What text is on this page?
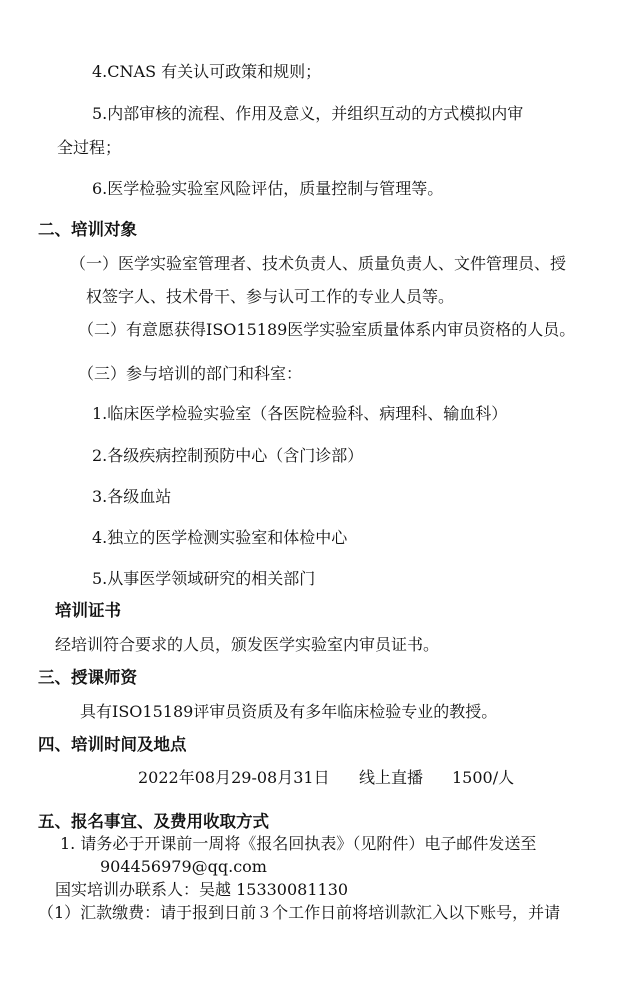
4.CNAS 有关认可政策和规则；
5.内部审核的流程、作用及意义，并组织互动的方式模拟内审
全过程；
6.医学检验实验室风险评估，质量控制与管理等。
二、培训对象
（一）医学实验室管理者、技术负责人、质量负责人、文件管理员、授
权签字人、技术骨干、参与认可工作的专业人员等。
（二）有意愿获得ISO15189医学实验室质量体系内审员资格的人员。
（三）参与培训的部门和科室：
1.临床医学检验实验室（各医院检验科、病理科、输血科）
2.各级疾病控制预防中心（含门诊部）
3.各级血站
4.独立的医学检测实验室和体检中心
5.从事医学领域研究的相关部门
培训证书
经培训符合要求的人员，颁发医学实验室内审员证书。
三、授课师资
具有ISO15189评审员资质及有多年临床检验专业的教授。
四、培训时间及地点
2022年08月29-08月31日 线上直播 1500/人
五、报名事宜、及费用收取方式
1. 请务必于开课前一周将《报名回执表》（见附件）电子邮件发送至
904456979@qq.com
国实培训办联系人：吴越 15330081130
（1）汇款缴费：请于报到日前３个工作日前将培训款汇入以下账号，并请
